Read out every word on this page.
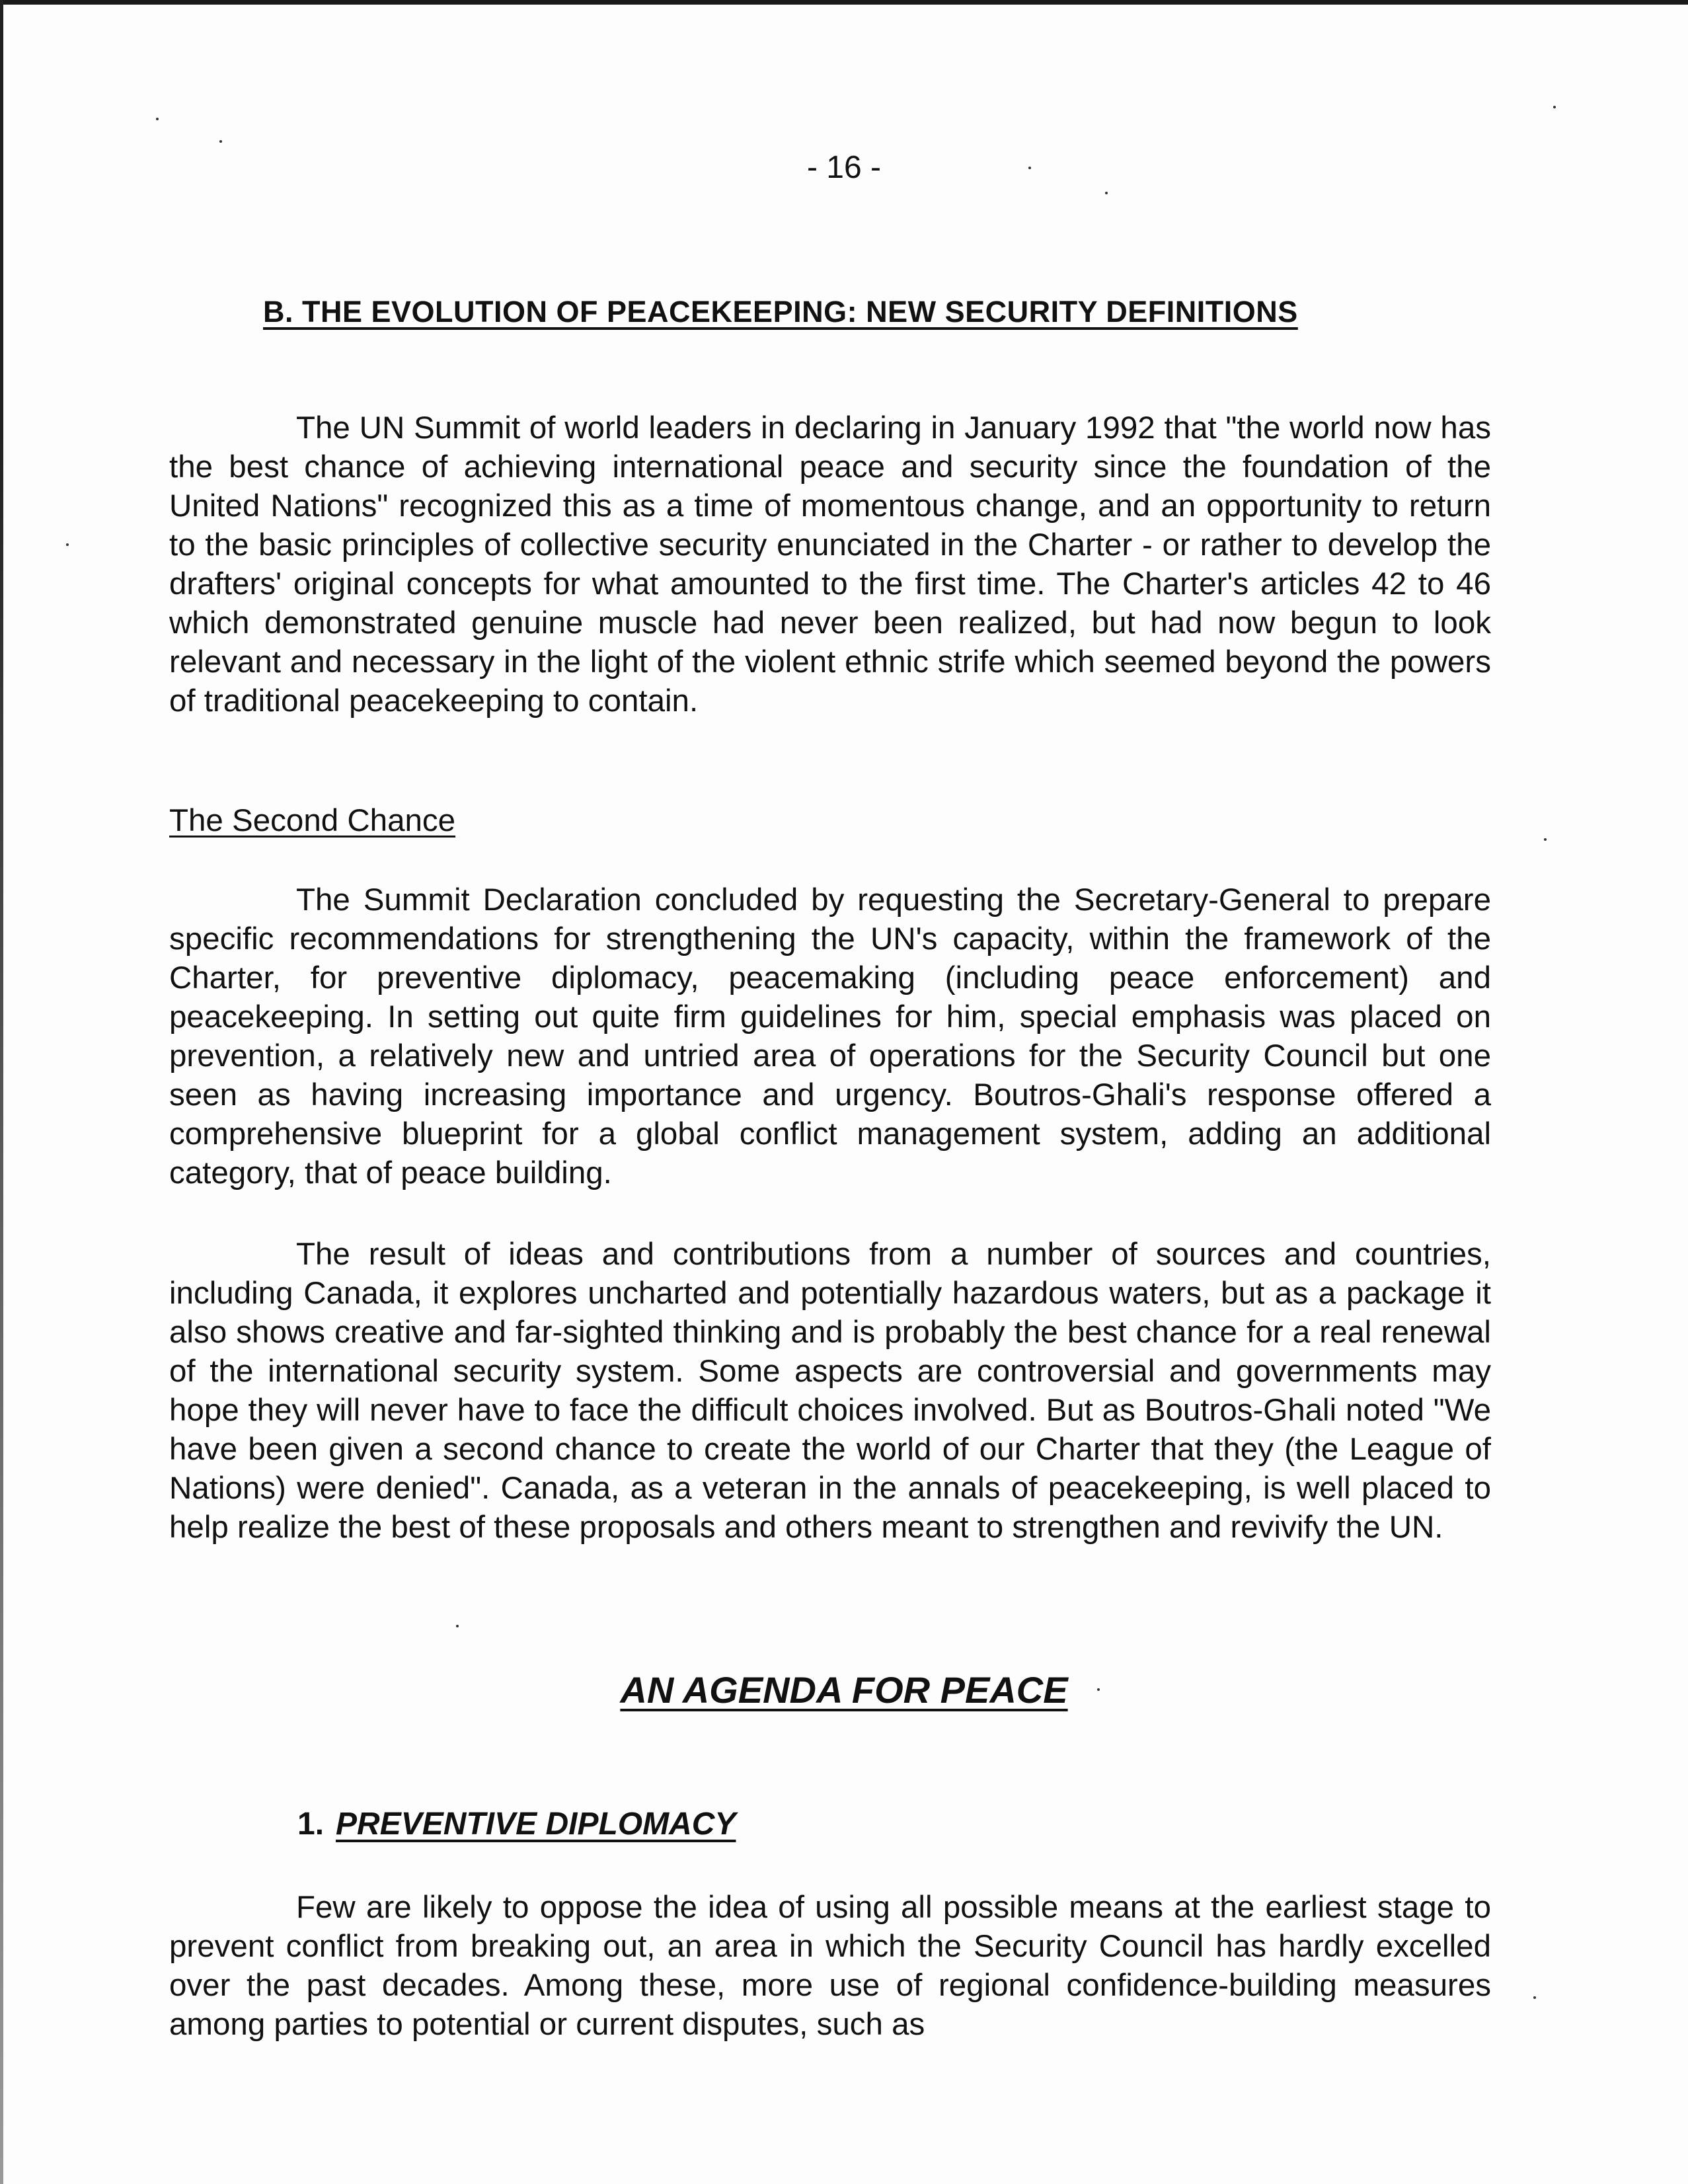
- 16 -
B. THE EVOLUTION OF PEACEKEEPING: NEW SECURITY DEFINITIONS

The UN Summit of world leaders in declaring in January 1992 that "the world now has the best chance of achieving international peace and security since the foundation of the United Nations" recognized this as a time of momentous change, and an opportunity to return to the basic principles of collective security enunciated in the Charter - or rather to develop the drafters' original concepts for what amounted to the first time. The Charter's articles 42 to 46 which demonstrated genuine muscle had never been realized, but had now begun to look relevant and necessary in the light of the violent ethnic strife which seemed beyond the powers of traditional peacekeeping to contain.

The Second Chance

The Summit Declaration concluded by requesting the Secretary-General to prepare specific recommendations for strengthening the UN's capacity, within the framework of the Charter, for preventive diplomacy, peacemaking (including peace enforcement) and peacekeeping. In setting out quite firm guidelines for him, special emphasis was placed on prevention, a relatively new and untried area of operations for the Security Council but one seen as having increasing importance and urgency. Boutros-Ghali's response offered a comprehensive blueprint for a global conflict management system, adding an additional category, that of peace building.

The result of ideas and contributions from a number of sources and countries, including Canada, it explores uncharted and potentially hazardous waters, but as a package it also shows creative and far-sighted thinking and is probably the best chance for a real renewal of the international security system. Some aspects are controversial and governments may hope they will never have to face the difficult choices involved. But as Boutros-Ghali noted "We have been given a second chance to create the world of our Charter that they (the League of Nations) were denied". Canada, as a veteran in the annals of peacekeeping, is well placed to help realize the best of these proposals and others meant to strengthen and revivify the UN.

AN AGENDA FOR PEACE
1. PREVENTIVE DIPLOMACY

Few are likely to oppose the idea of using all possible means at the earliest stage to prevent conflict from breaking out, an area in which the Security Council has hardly excelled over the past decades. Among these, more use of regional confidence-building measures among parties to potential or current disputes, such as
